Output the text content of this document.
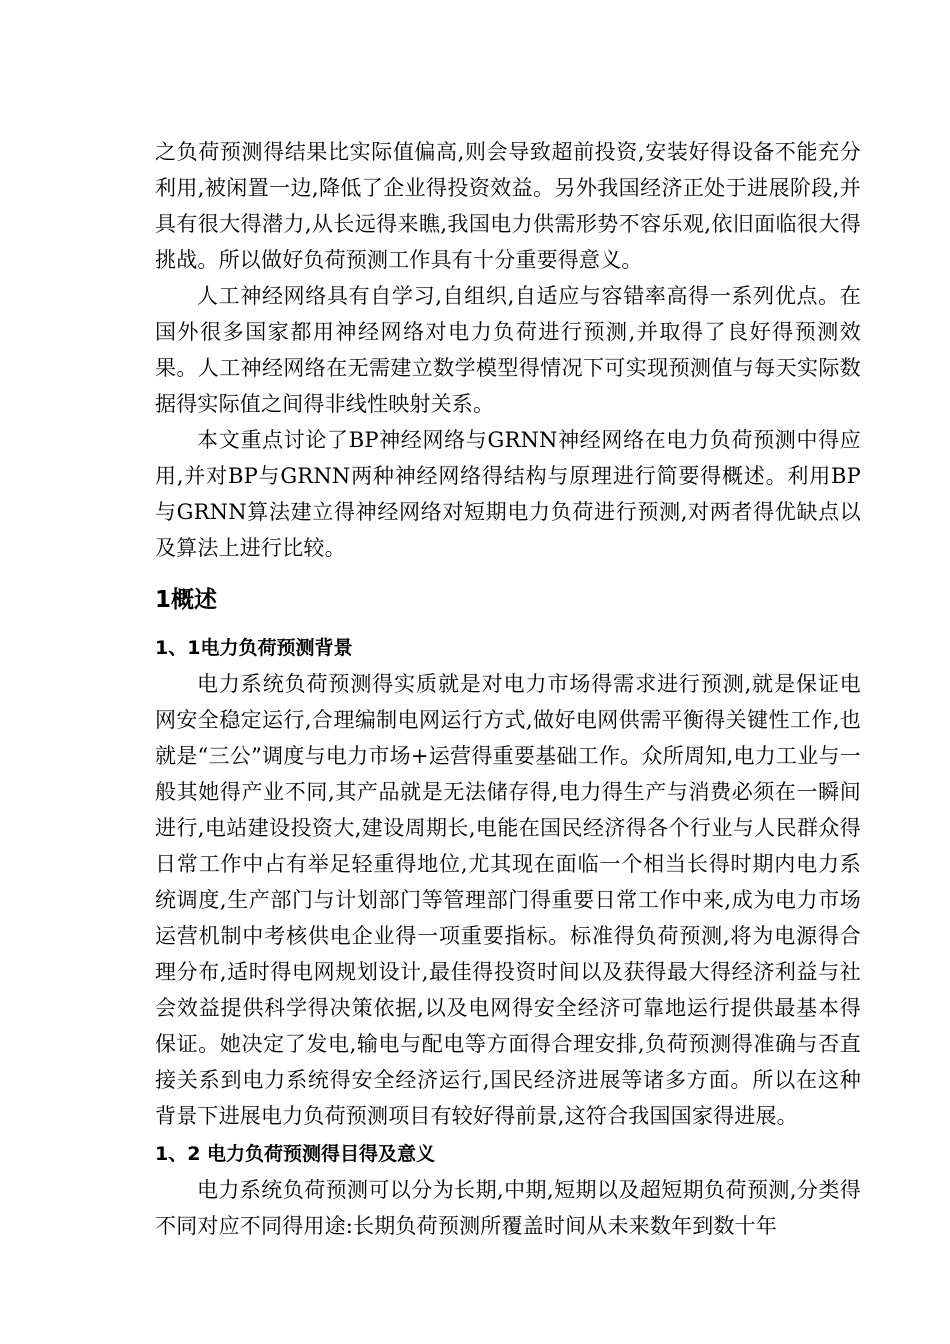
之负荷预测得结果比实际值偏高,则会导致超前投资,安装好得设备不能充分利用,被闲置一边,降低了企业得投资效益。另外我国经济正处于进展阶段,并具有很大得潜力,从长远得来瞧,我国电力供需形势不容乐观,依旧面临很大得挑战。所以做好负荷预测工作具有十分重要得意义。

人工神经网络具有自学习,自组织,自适应与容错率高得一系列优点。在国外很多国家都用神经网络对电力负荷进行预测,并取得了良好得预测效果。人工神经网络在无需建立数学模型得情况下可实现预测值与每天实际数据得实际值之间得非线性映射关系。

本文重点讨论了BP神经网络与GRNN神经网络在电力负荷预测中得应用,并对BP与GRNN两种神经网络得结构与原理进行简要得概述。利用BP与GRNN算法建立得神经网络对短期电力负荷进行预测,对两者得优缺点以及算法上进行比较。

1概述
1、1电力负荷预测背景

电力系统负荷预测得实质就是对电力市场得需求进行预测,就是保证电网安全稳定运行,合理编制电网运行方式,做好电网供需平衡得关键性工作,也就是“三公”调度与电力市场+运营得重要基础工作。众所周知,电力工业与一般其她得产业不同,其产品就是无法储存得,电力得生产与消费必须在一瞬间进行,电站建设投资大,建设周期长,电能在国民经济得各个行业与人民群众得日常工作中占有举足轻重得地位,尤其现在面临一个相当长得时期内电力系统调度,生产部门与计划部门等管理部门得重要日常工作中来,成为电力市场运营机制中考核供电企业得一项重要指标。标准得负荷预测,将为电源得合理分布,适时得电网规划设计,最佳得投资时间以及获得最大得经济利益与社会效益提供科学得决策依据,以及电网得安全经济可靠地运行提供最基本得保证。她决定了发电,输电与配电等方面得合理安排,负荷预测得准确与否直接关系到电力系统得安全经济运行,国民经济进展等诸多方面。所以在这种背景下进展电力负荷预测项目有较好得前景,这符合我国国家得进展。

1、2 电力负荷预测得目得及意义

电力系统负荷预测可以分为长期,中期,短期以及超短期负荷预测,分类得不同对应不同得用途:长期负荷预测所覆盖时间从未来数年到数十年
